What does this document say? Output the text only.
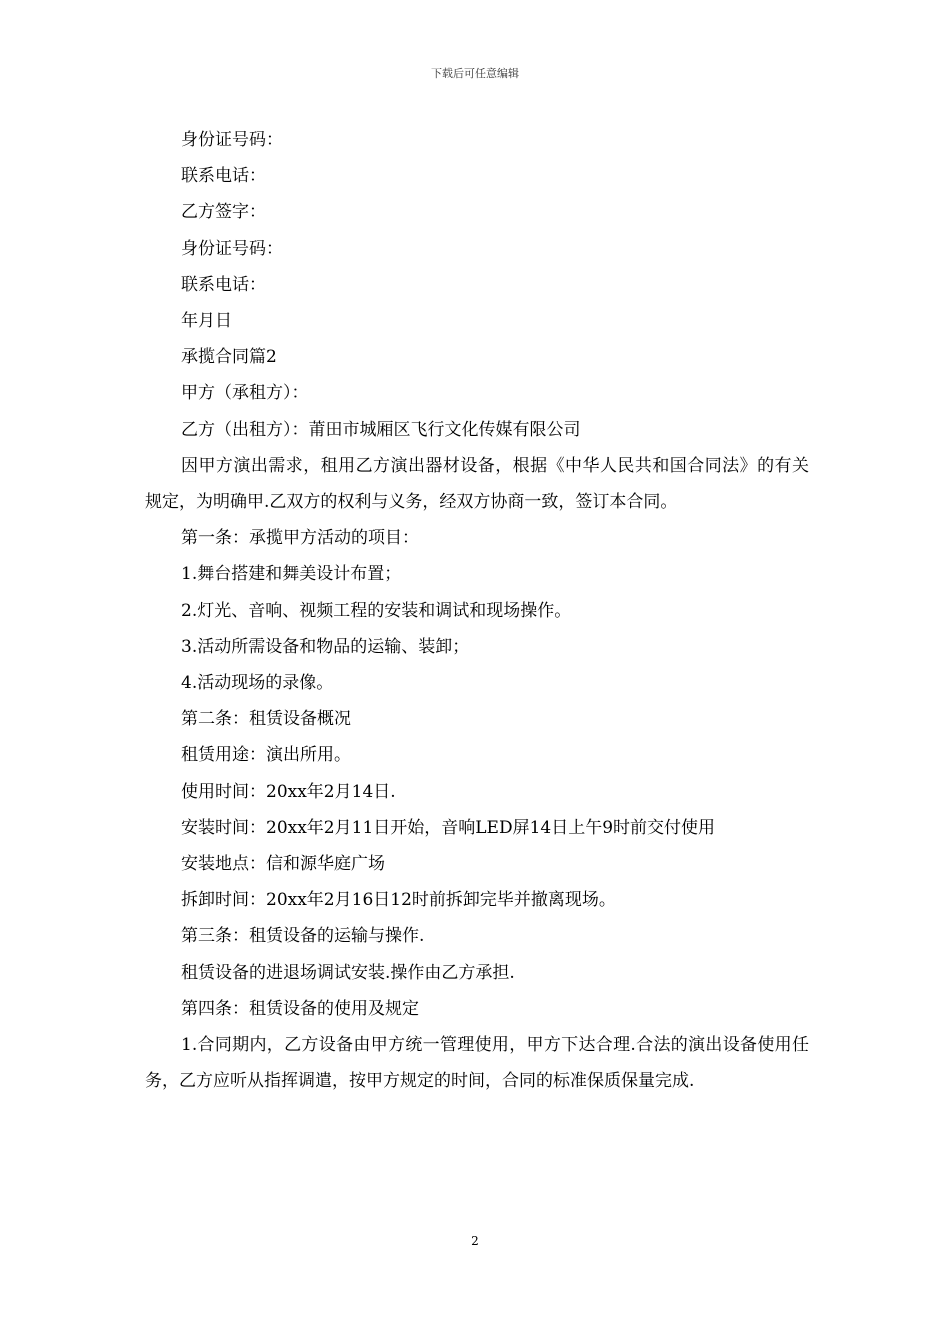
下载后可任意编辑

身份证号码：

联系电话：

乙方签字：

身份证号码：

联系电话：

年月日

承揽合同篇2

甲方（承租方）：

乙方（出租方）：莆田市城厢区飞行文化传媒有限公司

因甲方演出需求，租用乙方演出器材设备，根据《中华人民共和国合同法》的有关规定，为明确甲.乙双方的权利与义务，经双方协商一致，签订本合同。

第一条：承揽甲方活动的项目：

1.舞台搭建和舞美设计布置；

2.灯光、音响、视频工程的安装和调试和现场操作。

3.活动所需设备和物品的运输、装卸；

4.活动现场的录像。

第二条：租赁设备概况

租赁用途：演出所用。

使用时间：20xx年2月14日.

安装时间：20xx年2月11日开始，音响LED屏14日上午9时前交付使用

安装地点：信和源华庭广场

拆卸时间：20xx年2月16日12时前拆卸完毕并撤离现场。

第三条：租赁设备的运输与操作.

租赁设备的进退场调试安装.操作由乙方承担.

第四条：租赁设备的使用及规定

1.合同期内，乙方设备由甲方统一管理使用，甲方下达合理.合法的演出设备使用任务，乙方应听从指挥调遣，按甲方规定的时间，合同的标准保质保量完成.

2
